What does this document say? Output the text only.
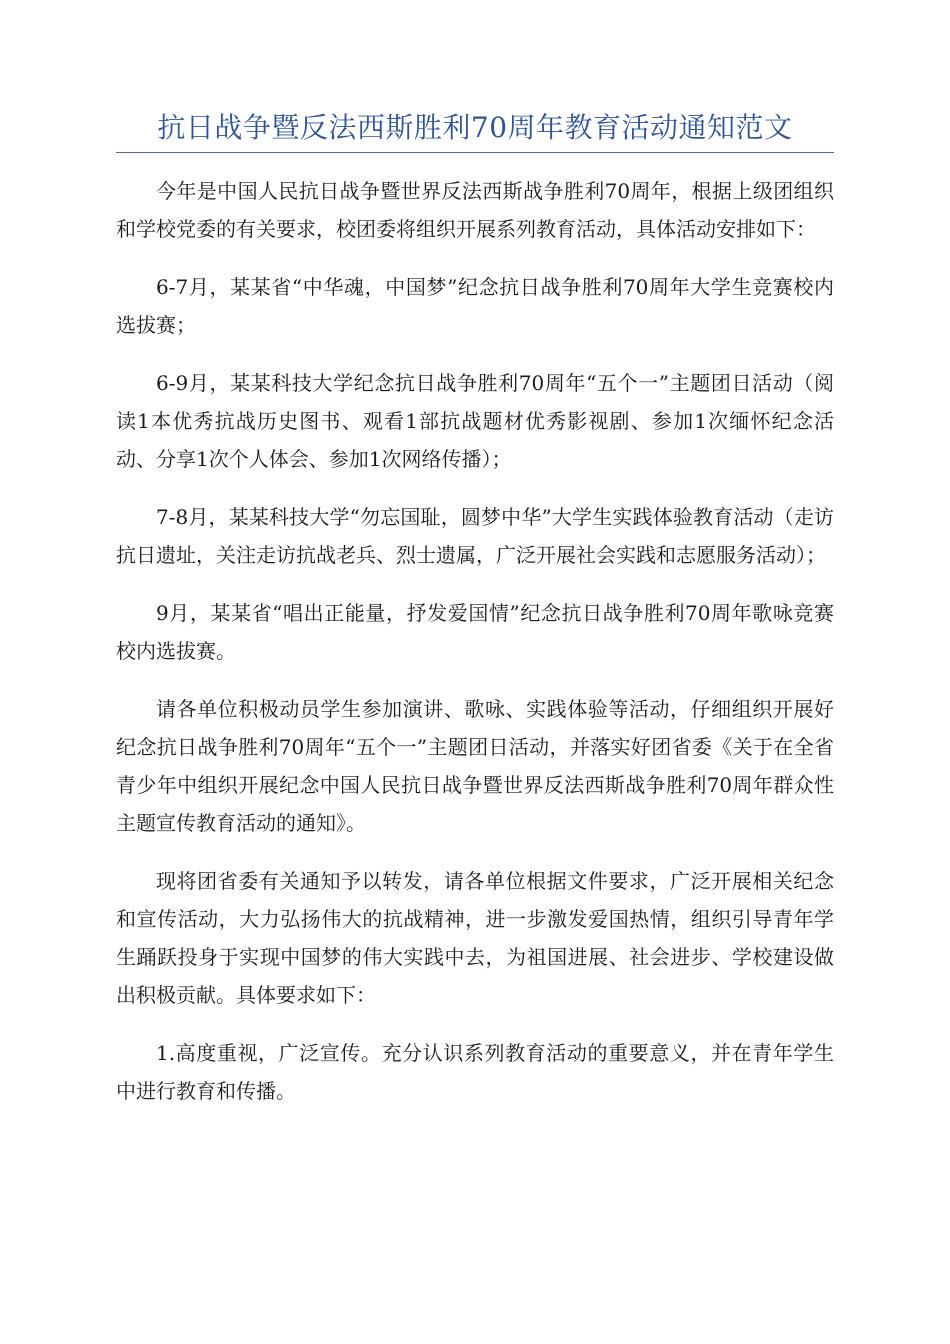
抗日战争暨反法西斯胜利70周年教育活动通知范文

今年是中国人民抗日战争暨世界反法西斯战争胜利70周年，根据上级团组织和学校党委的有关要求，校团委将组织开展系列教育活动，具体活动安排如下：

6-7月，某某省“中华魂，中国梦”纪念抗日战争胜利70周年大学生竞赛校内选拔赛；

6-9月，某某科技大学纪念抗日战争胜利70周年“五个一”主题团日活动（阅读1本优秀抗战历史图书、观看1部抗战题材优秀影视剧、参加1次缅怀纪念活动、分享1次个人体会、参加1次网络传播）；

7-8月，某某科技大学“勿忘国耻，圆梦中华”大学生实践体验教育活动（走访抗日遗址，关注走访抗战老兵、烈士遗属，广泛开展社会实践和志愿服务活动）；

9月，某某省“唱出正能量，抒发爱国情”纪念抗日战争胜利70周年歌咏竞赛校内选拔赛。

请各单位积极动员学生参加演讲、歌咏、实践体验等活动，仔细组织开展好纪念抗日战争胜利70周年“五个一”主题团日活动，并落实好团省委《关于在全省青少年中组织开展纪念中国人民抗日战争暨世界反法西斯战争胜利70周年群众性主题宣传教育活动的通知》。

现将团省委有关通知予以转发，请各单位根据文件要求，广泛开展相关纪念和宣传活动，大力弘扬伟大的抗战精神，进一步激发爱国热情，组织引导青年学生踊跃投身于实现中国梦的伟大实践中去，为祖国进展、社会进步、学校建设做出积极贡献。具体要求如下：

1.高度重视，广泛宣传。充分认识系列教育活动的重要意义，并在青年学生中进行教育和传播。
